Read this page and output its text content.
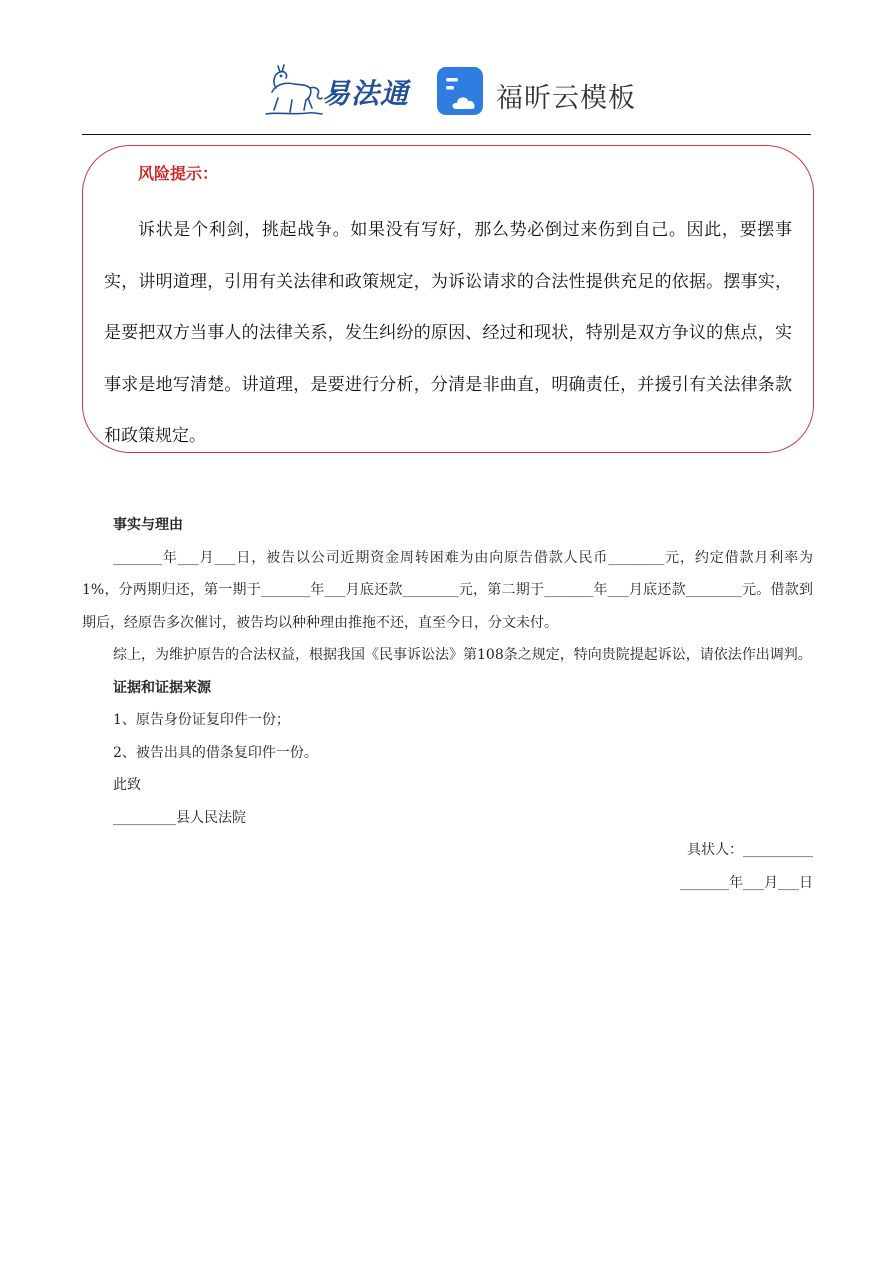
易法通	福昕云模板
风险提示：

诉状是个利剑，挑起战争。如果没有写好，那么势必倒过来伤到自己。因此，要摆事实，讲明道理，引用有关法律和政策规定，为诉讼请求的合法性提供充足的依据。摆事实，是要把双方当事人的法律关系，发生纠纷的原因、经过和现状，特别是双方争议的焦点，实事求是地写清楚。讲道理，是要进行分析，分清是非曲直，明确责任，并援引有关法律条款和政策规定。

事实与理由

_______年___月___日，被告以公司近期资金周转困难为由向原告借款人民币________元，约定借款月利率为1%，分两期归还，第一期于_______年___月底还款________元，第二期于_______年___月底还款________元。借款到期后，经原告多次催讨，被告均以种种理由推拖不还，直至今日，分文未付。

综上，为维护原告的合法权益，根据我国《民事诉讼法》第108条之规定，特向贵院提起诉讼，请依法作出调判。

证据和证据来源

1、原告身份证复印件一份；

2、被告出具的借条复印件一份。

此致

_________县人民法院

具状人：__________

_______年___月___日
